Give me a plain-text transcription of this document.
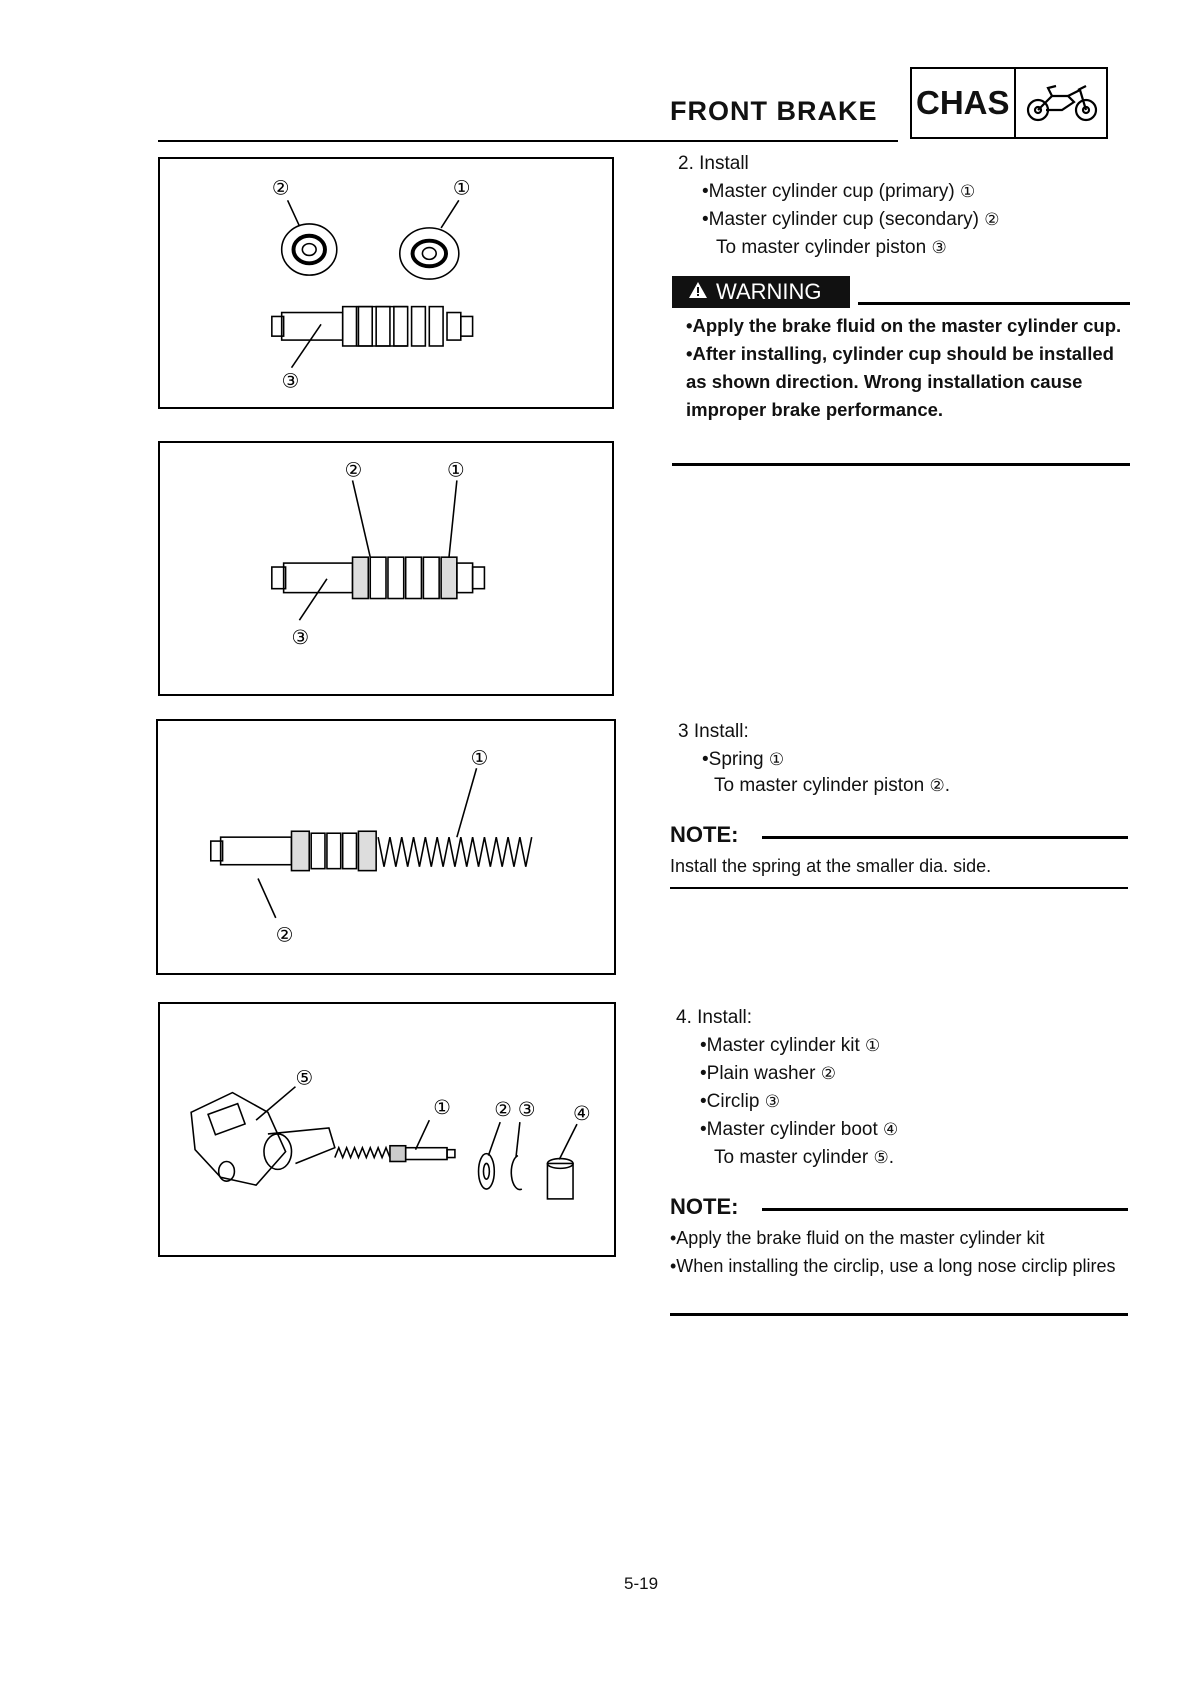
FRONT BRAKE CHAS
②	①
③
②	①
③
①
②
⑤
① ② ③ ④
2. Install
•Master cylinder cup (primary) ①
•Master cylinder cup (secondary) ②
To master cylinder piston ③
WARNING
•Apply the brake fluid on the master cylinder cup.
•After installing, cylinder cup should be installed as shown direction. Wrong installation cause improper brake performance.
3 Install:
•Spring ①
To master cylinder piston ②.
NOTE:
Install the spring at the smaller dia. side.
4. Install:
•Master cylinder kit ①
•Plain washer ②
•Circlip ③
•Master cylinder boot ④
To master cylinder ⑤.
NOTE:
•Apply the brake fluid on the master cylinder kit
•When installing the circlip, use a long nose circlip plires
5-19
